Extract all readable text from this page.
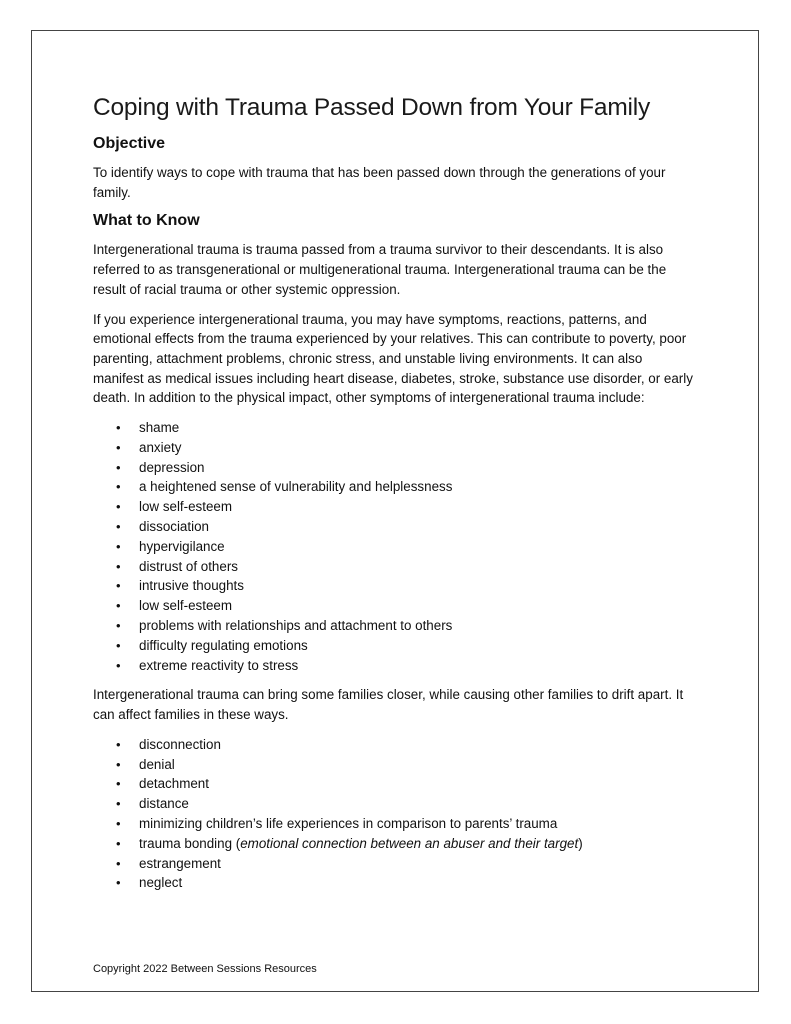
Coping with Trauma Passed Down from Your Family
Objective

To identify ways to cope with trauma that has been passed down through the generations of your family.

What to Know

Intergenerational trauma is trauma passed from a trauma survivor to their descendants. It is also referred to as transgenerational or multigenerational trauma. Intergenerational trauma can be the result of racial trauma or other systemic oppression.

If you experience intergenerational trauma, you may have symptoms, reactions, patterns, and emotional effects from the trauma experienced by your relatives. This can contribute to poverty, poor parenting, attachment problems, chronic stress, and unstable living environments. It can also manifest as medical issues including heart disease, diabetes, stroke, substance use disorder, or early death. In addition to the physical impact, other symptoms of intergenerational trauma include:

• shame
• anxiety
• depression
• a heightened sense of vulnerability and helplessness
• low self-esteem
• dissociation
• hypervigilance
• distrust of others
• intrusive thoughts
• low self-esteem
• problems with relationships and attachment to others
• difficulty regulating emotions
• extreme reactivity to stress

Intergenerational trauma can bring some families closer, while causing other families to drift apart. It can affect families in these ways.

• disconnection
• denial
• detachment
• distance
• minimizing children’s life experiences in comparison to parents’ trauma
• trauma bonding (emotional connection between an abuser and their target)
• estrangement
• neglect
Copyright 2022 Between Sessions Resources
